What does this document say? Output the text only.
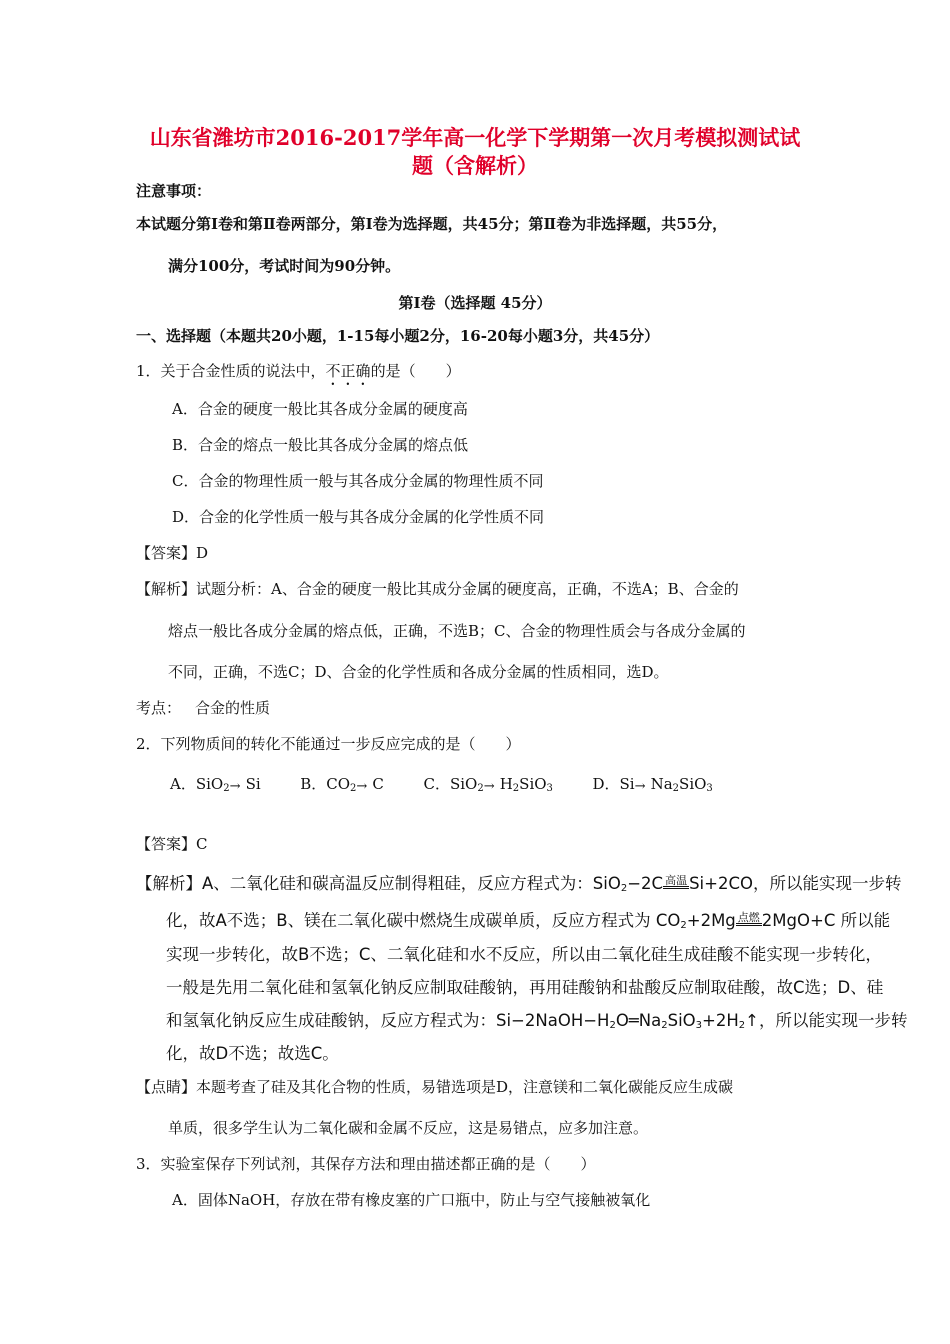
山东省潍坊市2016-2017学年高一化学下学期第一次月考模拟测试试
题（含解析）
注意事项：
本试题分第Ⅰ卷和第Ⅱ卷两部分，第Ⅰ卷为选择题，共45分；第Ⅱ卷为非选择题，共55分，
满分100分，考试时间为90分钟。
第Ⅰ卷（选择题 45分）
一、选择题（本题共20小题，1-15每小题2分，16-20每小题3分，共45分）
1．关于合金性质的说法中，不正确的是（　　）
A．合金的硬度一般比其各成分金属的硬度高
B．合金的熔点一般比其各成分金属的熔点低
C．合金的物理性质一般与其各成分金属的物理性质不同
D．合金的化学性质一般与其各成分金属的化学性质不同
【答案】D
【解析】试题分析：A、合金的硬度一般比其成分金属的硬度高，正确，不选A；B、合金的
熔点一般比各成分金属的熔点低，正确，不选B；C、合金的物理性质会与各成分金属的
不同，正确，不选C；D、合金的化学性质和各成分金属的性质相同，选D。
考点： 合金的性质
2．下列物质间的转化不能通过一步反应完成的是（　　）
A．SiO$_2$ Si	B．$CO_2$ C	C．SiO$_2$ $H_2SiO_3$	D．Si $Na_2SiO_3$
【答案】C
【解析】A、二氧化硅和碳高温反应制得粗硅，反应方程式为：SiO$_2$−2C 高温 Si+2CO，所以能实现一步转
化，故A不选；B、镁在二氧化碳中燃烧生成碳单质，反应方程式为 $CO_2+2Mg$ 点燃 2MgO+C 所以能
实现一步转化，故B不选；C、二氧化硅和水不反应，所以由二氧化硅生成硅酸不能实现一步转化，
一般是先用二氧化硅和氢氧化钠反应制取硅酸钠，再用硅酸钠和盐酸反应制取硅酸，故C选；D、硅
和氢氧化钠反应生成硅酸钠，反应方程式为：$Si-2NaOH-H_2O═Na_2SiO_3+2H_2↑$，所以能实现一步转
化，故D不选；故选C。
【点睛】本题考查了硅及其化合物的性质，易错选项是D，注意镁和二氧化碳能反应生成碳
单质，很多学生认为二氧化碳和金属不反应，这是易错点，应多加注意。
3．实验室保存下列试剂，其保存方法和理由描述都正确的是（　　）
A．固体NaOH，存放在带有橡皮塞的广口瓶中，防止与空气接触被氧化
